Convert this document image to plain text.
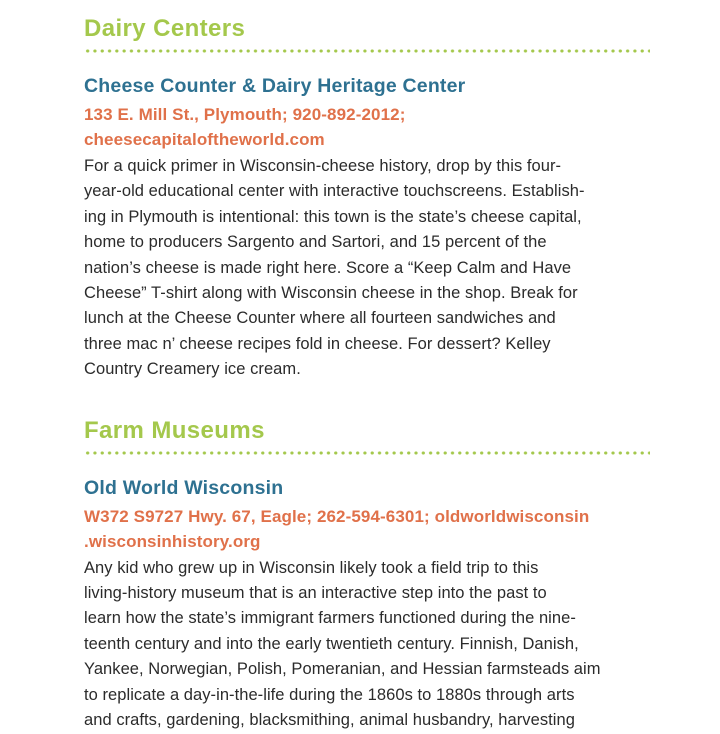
Dairy Centers
Cheese Counter & Dairy Heritage Center
133 E. Mill St., Plymouth; 920-892-2012;
cheesecapitaloftheworld.com
For a quick primer in Wisconsin-cheese history, drop by this four-
year-old educational center with interactive touchscreens. Establish-
ing in Plymouth is intentional: this town is the state’s cheese capital,
home to producers Sargento and Sartori, and 15 percent of the
nation’s cheese is made right here. Score a “Keep Calm and Have
Cheese” T-shirt along with Wisconsin cheese in the shop. Break for
lunch at the Cheese Counter where all fourteen sandwiches and
three mac n’ cheese recipes fold in cheese. For dessert? Kelley
Country Creamery ice cream.
Farm Museums
Old World Wisconsin
W372 S9727 Hwy. 67, Eagle; 262-594-6301; oldworldwisconsin
.wisconsinhistory.org
Any kid who grew up in Wisconsin likely took a field trip to this
living-history museum that is an interactive step into the past to
learn how the state’s immigrant farmers functioned during the nine-
teenth century and into the early twentieth century. Finnish, Danish,
Yankee, Norwegian, Polish, Pomeranian, and Hessian farmsteads aim
to replicate a day-in-the-life during the 1860s to 1880s through arts
and crafts, gardening, blacksmithing, animal husbandry, harvesting
